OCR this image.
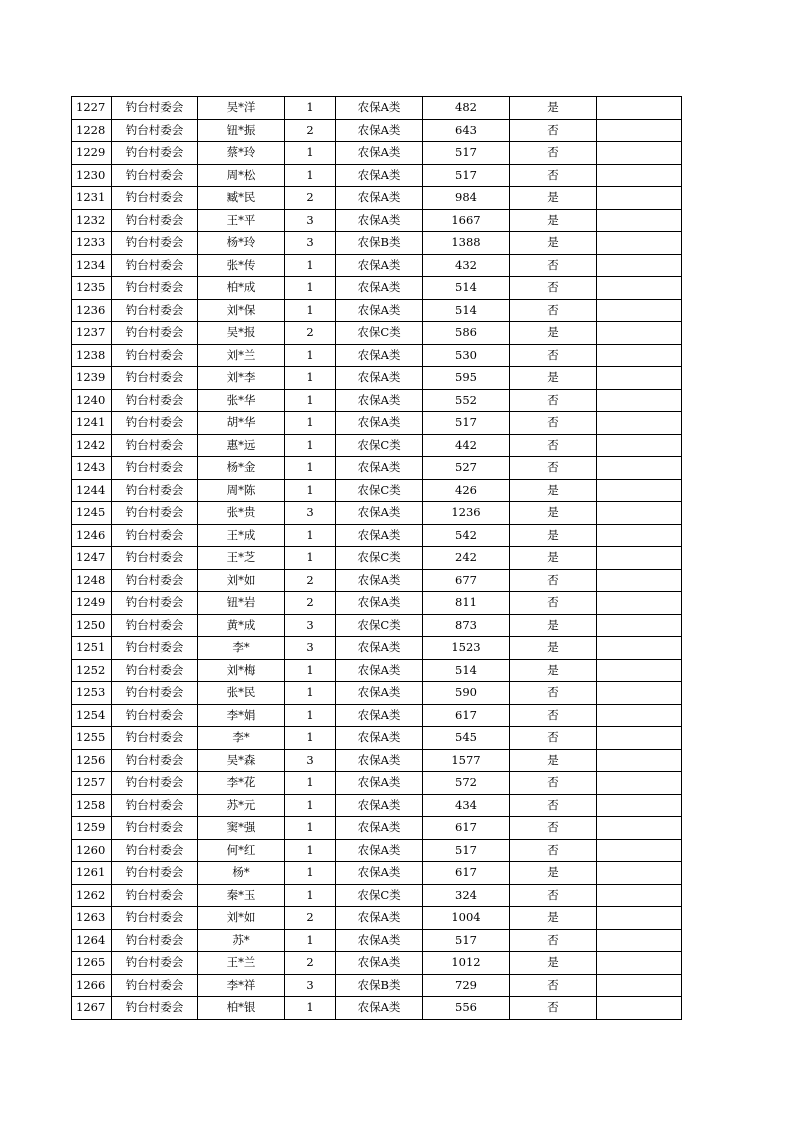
1227	钓台村委会	吴*洋	1	农保A类	482	是	
1228	钓台村委会	钮*振	2	农保A类	643	否	
1229	钓台村委会	蔡*玲	1	农保A类	517	否	
1230	钓台村委会	周*松	1	农保A类	517	否	
1231	钓台村委会	臧*民	2	农保A类	984	是	
1232	钓台村委会	王*平	3	农保A类	1667	是	
1233	钓台村委会	杨*玲	3	农保B类	1388	是	
1234	钓台村委会	张*传	1	农保A类	432	否	
1235	钓台村委会	柏*成	1	农保A类	514	否	
1236	钓台村委会	刘*保	1	农保A类	514	否	
1237	钓台村委会	吴*报	2	农保C类	586	是	
1238	钓台村委会	刘*兰	1	农保A类	530	否	
1239	钓台村委会	刘*李	1	农保A类	595	是	
1240	钓台村委会	张*华	1	农保A类	552	否	
1241	钓台村委会	胡*华	1	农保A类	517	否	
1242	钓台村委会	惠*远	1	农保C类	442	否	
1243	钓台村委会	杨*金	1	农保A类	527	否	
1244	钓台村委会	周*陈	1	农保C类	426	是	
1245	钓台村委会	张*贵	3	农保A类	1236	是	
1246	钓台村委会	王*成	1	农保A类	542	是	
1247	钓台村委会	王*芝	1	农保C类	242	是	
1248	钓台村委会	刘*如	2	农保A类	677	否	
1249	钓台村委会	钮*岩	2	农保A类	811	否	
1250	钓台村委会	黄*成	3	农保C类	873	是	
1251	钓台村委会	李*	3	农保A类	1523	是	
1252	钓台村委会	刘*梅	1	农保A类	514	是	
1253	钓台村委会	张*民	1	农保A类	590	否	
1254	钓台村委会	李*娟	1	农保A类	617	否	
1255	钓台村委会	李*	1	农保A类	545	否	
1256	钓台村委会	吴*森	3	农保A类	1577	是	
1257	钓台村委会	李*花	1	农保A类	572	否	
1258	钓台村委会	苏*元	1	农保A类	434	否	
1259	钓台村委会	窦*强	1	农保A类	617	否	
1260	钓台村委会	何*红	1	农保A类	517	否	
1261	钓台村委会	杨*	1	农保A类	617	是	
1262	钓台村委会	秦*玉	1	农保C类	324	否	
1263	钓台村委会	刘*如	2	农保A类	1004	是	
1264	钓台村委会	苏*	1	农保A类	517	否	
1265	钓台村委会	王*兰	2	农保A类	1012	是	
1266	钓台村委会	李*祥	3	农保B类	729	否	
1267	钓台村委会	柏*银	1	农保A类	556	否	
